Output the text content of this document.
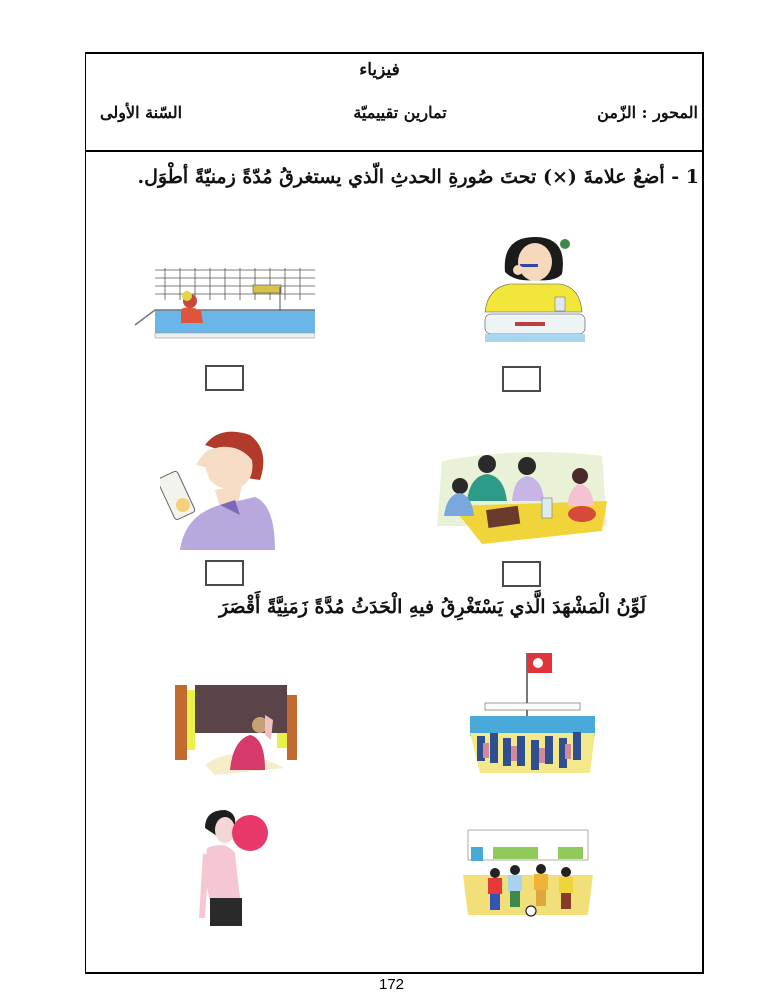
فيزياء
السّنة الأولى	تمارين تقييميّة	المحور : الزّمن
1 - أضعُ علامةَ (×) تحتَ صُورةِ الحدثِ الّذي يستغرقُ مُدّةً زمنيّةً أطْوَل.
لَوِّنُ الْمَشْهَدَ الَّذي يَسْتَغْرِقُ فيهِ الْحَدَثُ مُدَّةً زَمَنِيَّةً أَقْصَرَ
172
